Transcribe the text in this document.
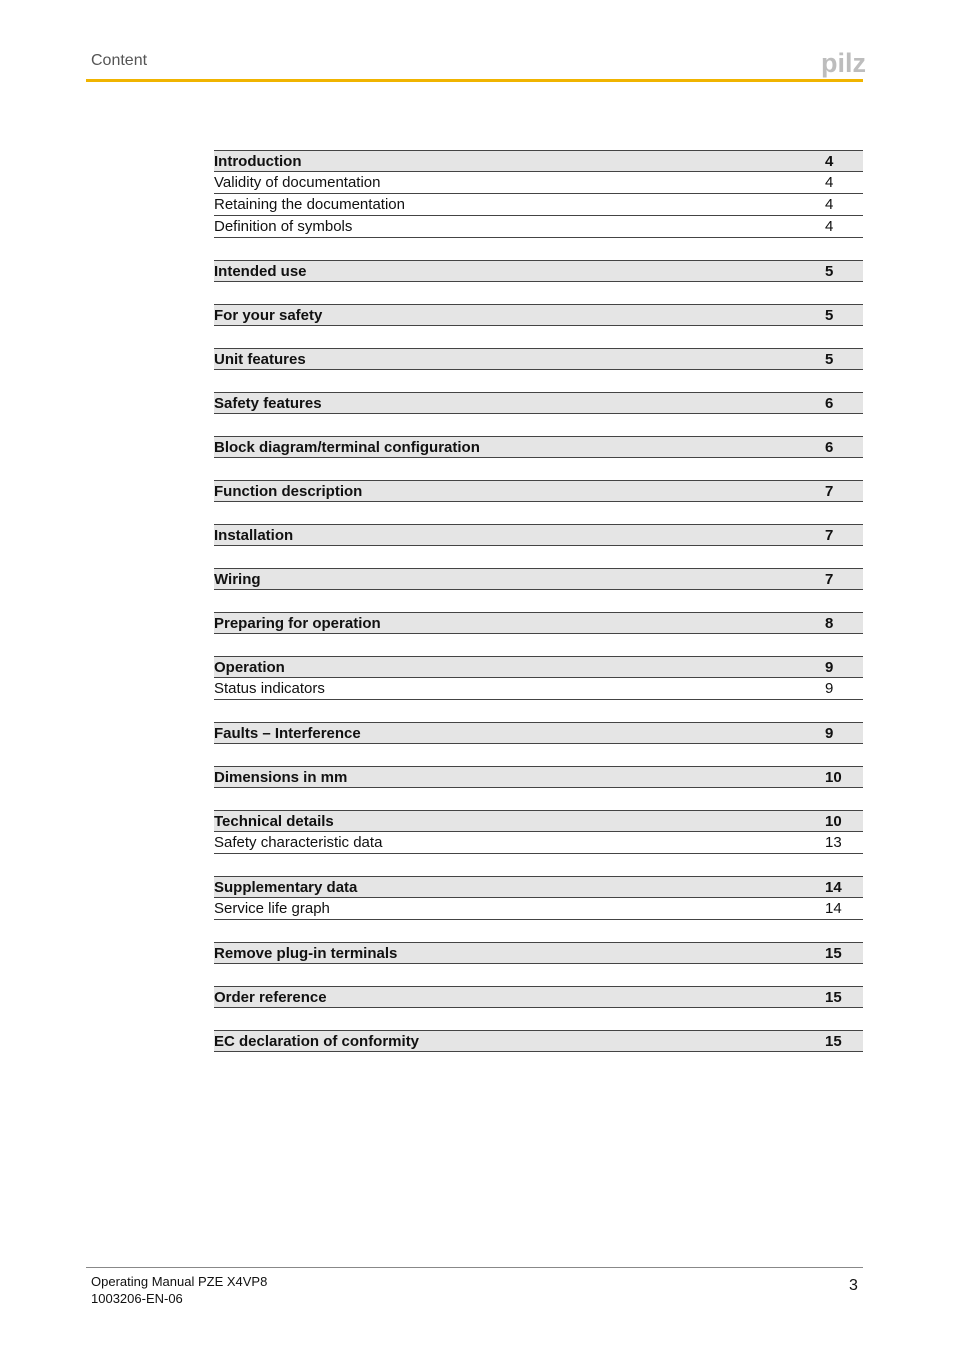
Content	pilz
Introduction	4
Validity of documentation	4
Retaining the documentation	4
Definition of symbols	4
Intended use	5
For your safety	5
Unit features	5
Safety features	6
Block diagram/terminal configuration	6
Function description	7
Installation	7
Wiring	7
Preparing for operation	8
Operation	9
Status indicators	9
Faults – Interference	9
Dimensions in mm	10
Technical details	10
Safety characteristic data	13
Supplementary data	14
Service life graph	14
Remove plug-in terminals	15
Order reference	15
EC declaration of conformity	15
Operating Manual PZE X4VP8
1003206-EN-06
3
